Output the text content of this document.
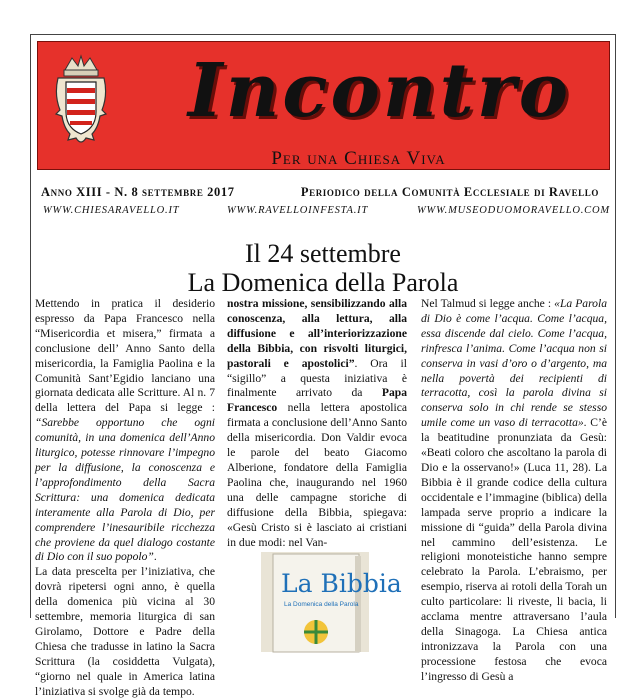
Incontro
Per una Chiesa Viva
Anno XIII - N. 8 settembre 2017	Periodico della Comunità Ecclesiale di Ravello
WWW.CHIESARAVELLO.IT	WWW.RAVELLOINFESTA.IT	WWW.MUSEODUOMORAVELLO.COM
Il 24 settembre
La Domenica della Parola

Mettendo in pratica il desiderio espresso da Papa Francesco nella “Misericordia et misera,” firmata a conclusione dell’ Anno Santo della misericordia, la Famiglia Paolina e la Comunità Sant’Egidio lanciano una giornata dedicata alle Scritture. Al n. 7 della lettera del Papa si legge : “Sarebbe opportuno che ogni comunità, in una domenica dell’Anno liturgico, potesse rinnovare l’impegno per la diffusione, la conoscenza e l’approfondimento della Sacra Scrittura: una domenica dedicata interamente alla Parola di Dio, per comprendere l’inesauribile ricchezza che proviene da quel dialogo costante di Dio con il suo popolo”.

La data prescelta per l’iniziativa, che dovrà ripetersi ogni anno, è quella della domenica più vicina al 30 settembre, memoria liturgica di san Girolamo, Dottore e Padre della Chiesa che tradusse in latino la Sacra Scrittura (la cosiddetta Vulgata), “giorno nel quale in America latina l’iniziativa si svolge già da tempo.

nostra missione, sensibilizzando alla conoscenza, alla lettura, alla diffusione e all’interiorizzazione della Bibbia, con risvolti liturgici, pastorali e apostolici”. Ora il “sigillo” a questa iniziativa è finalmente arrivato da Papa Francesco nella lettera apostolica firmata a conclusione dell’Anno Santo della misericordia. Don Valdir evoca le parole del beato Giacomo Alberione, fondatore della Famiglia Paolina che, inaugurando nel 1960 una delle campagne storiche di diffusione della Bibbia, spiegava: «Gesù Cristo si è lasciato ai cristiani in due modi: nel Van-

La Bibbia
La Domenica della Parola

Nel Talmud si legge anche : «La Parola di Dio è come l’acqua. Come l’acqua, essa discende dal cielo. Come l’acqua, rinfresca l’anima. Come l’acqua non si conserva in vasi d’oro o d’argento, ma nella povertà dei recipienti di terracotta, così la parola divina si conserva solo in chi rende se stesso umile come un vaso di terracotta». C’è la beatitudine pronunziata da Gesù: «Beati coloro che ascoltano la parola di Dio e la osservano!» (Luca 11, 28). La Bibbia è il grande codice della cultura occidentale e l’immagine (biblica) della lampada serve proprio a indicare la missione di “guida” della Parola divina nel cammino dell’esistenza. Le religioni monoteistiche hanno sempre celebrato la Parola. L’ebraismo, per esempio, riserva ai rotoli della Torah un culto particolare: li riveste, li bacia, li acclama mentre attraversano l’aula della Sinagoga. La Chiesa antica intronizzava la Parola con una processione festosa che evoca l’ingresso di Gesù a
